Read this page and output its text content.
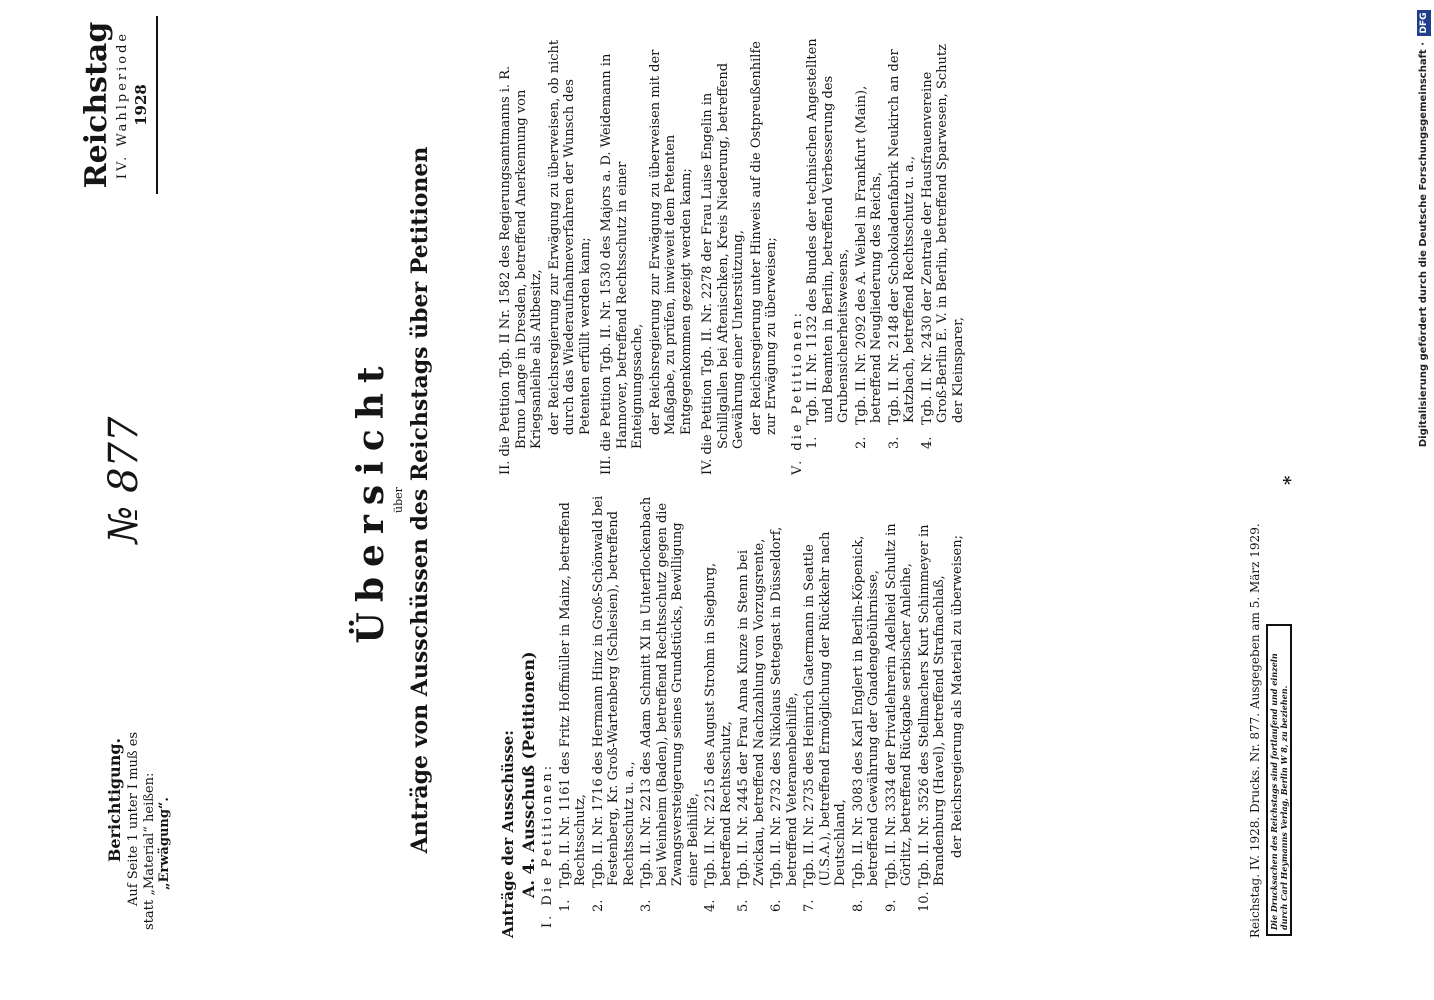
Reichstag IV. Wahlperiode 1928
№ 877
Berichtigung. Auf Seite 1 unter I muß es statt „Material“ heißen: „Erwägung“.
Übersicht über Anträge von Ausschüssen des Reichstags über Petitionen	Anträge der Ausschüsse: A. 4. Ausschuß (Petitionen) I. Die Petitionen: 1.Tgb. II. Nr. 1161 des Fritz Hoffmüller in Mainz, betreffend Rechtsschutz,
2.Tgb. II. Nr. 1716 des Hermann Hinz in Groß-Schönwald bei Festenberg, Kr. Groß-Wartenberg (Schlesien), betreffend Rechtsschutz u. a.,
3.Tgb. II. Nr. 2213 des Adam Schmitt XI in Unterflockenbach bei Weinheim (Baden), betreffend Rechtsschutz gegen die Zwangsversteigerung seines Grundstücks, Bewilligung einer Beihilfe,
4.Tgb. II. Nr. 2215 des August Strohm in Siegburg, betreffend Rechtsschutz,
5.Tgb. II. Nr. 2445 der Frau Anna Kunze in Stenn bei Zwickau, betreffend Nachzahlung von Vorzugsrente,
6.Tgb. II. Nr. 2732 des Nikolaus Settegast in Düsseldorf, betreffend Veteranenbeihilfe,
7.Tgb. II. Nr. 2735 des Heinrich Gatermann in Seattle (U.S.A.), betreffend Ermöglichung der Rückkehr nach Deutschland,
8.Tgb. II. Nr. 3083 des Karl Englert in Berlin-Köpenick, betreffend Gewährung der Gnadengebührnisse,
9.Tgb. II. Nr. 3334 der Privatlehrerin Adelheid Schultz in Görlitz, betreffend Rückgabe serbischer Anleihe,
10.Tgb. II. Nr. 3526 des Stellmachers Kurt Schimmeyer in Brandenburg (Havel), betreffend Strafnachlaß, der Reichsregierung als Material zu überweisen;
II. die Petition Tgb. II Nr. 1582 des Regierungsamtmanns i. R. Bruno Lange in Dresden, betreffend Anerkennung von Kriegsanleihe als Altbesitz, der Reichsregierung zur Erwägung zu überweisen, ob nicht durch das Wiederaufnahmeverfahren der Wunsch des Petenten erfüllt werden kann; III. die Petition Tgb. II. Nr. 1530 des Majors a. D. Weidemann in Hannover, betreffend Rechtsschutz in einer Enteignungssache, der Reichsregierung zur Erwägung zu überweisen mit der Maßgabe, zu prüfen, inwieweit dem Petenten Entgegenkommen gezeigt werden kann; IV. die Petition Tgb. II. Nr. 2278 der Frau Luise Engelin in Schillgallen bei Aftenischken, Kreis Niederung, betreffend Gewährung einer Unterstützung, der Reichsregierung unter Hinweis auf die Ostpreußenhilfe zur Erwägung zu überweisen; V. die Petitionen: 1.Tgb. II. Nr. 1132 des Bundes der technischen Angestellten und Beamten in Berlin, betreffend Verbesserung des Grubensicherheitswesens,
2.Tgb. II. Nr. 2092 des A. Weibel in Frankfurt (Main), betreffend Neugliederung des Reichs,
3.Tgb. II. Nr. 2148 der Schokoladenfabrik Neukirch an der Katzbach, betreffend Rechtsschutz u. a.,
4.Tgb. II. Nr. 2430 der Zentrale der Hausfrauenvereine Groß-Berlin E. V. in Berlin, betreffend Sparwesen, Schutz der Kleinsparer,
Reichstag. IV. 1928. Drucks. Nr. 877. Ausgegeben am 5. März 1929. Die Drucksachen des Reichstags sind fortlaufend und einzeln durch Carl Heymanns Verlag, Berlin W 8, zu beziehen.
*
DFG
Digitalisierung gefördert durch die Deutsche Forschungsgemeinschaft ·
